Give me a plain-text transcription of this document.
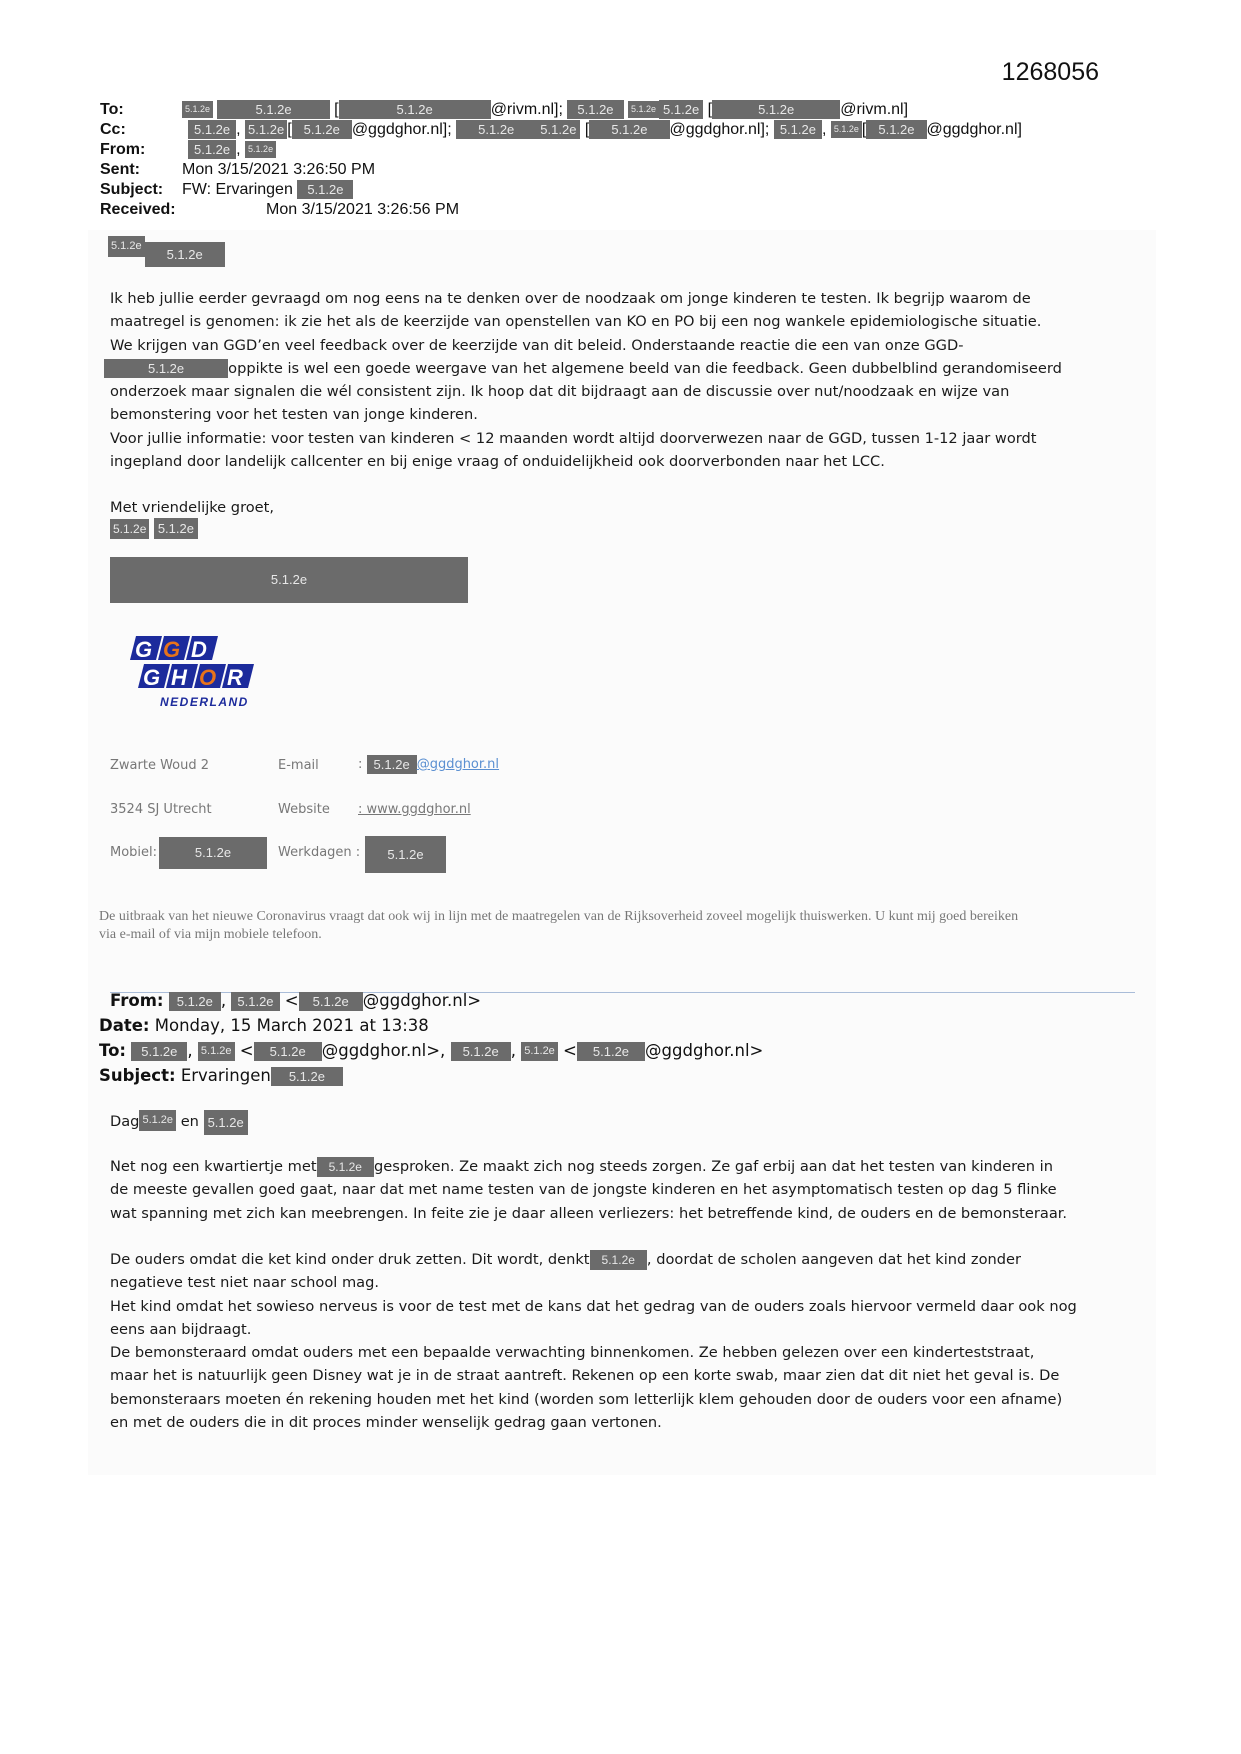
1268056
To:	5.1.2e	5.1.2e [	5.1.2e	@rivm.nl]; 5.1.2e 5.1.2e 5.1.2e [	5.1.2e	@rivm.nl]
Cc:	5.1.2e , 5.1.2e [ 5.1.2e @ggdghor.nl]; 5.1.2e 5.1.2e [ 5.1.2e @ggdghor.nl]; 5.1.2e , 5.1.2e [ 5.1.2e @ggdghor.nl]
From:	5.1.2e , 5.1.2e
Sent:	Mon 3/15/2021 3:26:50 PM
Subject: FW: Ervaringen 5.1.2e
Received:	Mon 3/15/2021 3:26:56 PM
5.1.2e5.1.2e
Ik heb jullie eerder gevraagd om nog eens na te denken over de noodzaak om jonge kinderen te testen. Ik begrijp waarom de
maatregel is genomen: ik zie het als de keerzijde van openstellen van KO en PO bij een nog wankele epidemiologische situatie.
We krijgen van GGD’en veel feedback over de keerzijde van dit beleid. Onderstaande reactie die een van onze GGD-
5.1.2e	oppikte is wel een goede weergave van het algemene beeld van die feedback. Geen dubbelblind gerandomiseerd
onderzoek maar signalen die wél consistent zijn. Ik hoop dat dit bijdraagt aan de discussie over nut/noodzaak en wijze van
bemonstering voor het testen van jonge kinderen.
Voor jullie informatie: voor testen van kinderen < 12 maanden wordt altijd doorverwezen naar de GGD, tussen 1-12 jaar wordt
ingepland door landelijk callcenter en bij enige vraag of onduidelijkheid ook doorverbonden naar het LCC.
Met vriendelijke groet,
5.1.2e 5.1.2e
5.1.2e
G G D
G H O R
NEDERLAND
Zwarte Woud 2	E-mail	: 5.1.2e @ggdghor.nl
3524 SJ Utrecht	Website : www.ggdghor.nl
Mobiel:	5.1.2e	Werkdagen :	5.1.2e
De uitbraak van het nieuwe Coronavirus vraagt dat ook wij in lijn met de maatregelen van de Rijksoverheid zoveel mogelijk thuiswerken. U kunt mij goed bereiken
via e-mail of via mijn mobiele telefoon.
From: 5.1.2e , 5.1.2e < 5.1.2e @ggdghor.nl>
Date: Monday, 15 March 2021 at 13:38
To: 5.1.2e , 5.1.2e < 5.1.2e @ggdghor.nl>, 5.1.2e , 5.1.2e < 5.1.2e @ggdghor.nl>
Subject: Ervaringen 5.1.2e
Dag 5.1.2e en 5.1.2e
Net nog een kwartiertje met 5.1.2e gesproken. Ze maakt zich nog steeds zorgen. Ze gaf erbij aan dat het testen van kinderen in
de meeste gevallen goed gaat, naar dat met name testen van de jongste kinderen en het asymptomatisch testen op dag 5 flinke
wat spanning met zich kan meebrengen. In feite zie je daar alleen verliezers: het betreffende kind, de ouders en de bemonsteraar.
De ouders omdat die ket kind onder druk zetten. Dit wordt, denkt 5.1.2e , doordat de scholen aangeven dat het kind zonder
negatieve test niet naar school mag.
Het kind omdat het sowieso nerveus is voor de test met de kans dat het gedrag van de ouders zoals hiervoor vermeld daar ook nog
eens aan bijdraagt.
De bemonsteraard omdat ouders met een bepaalde verwachting binnenkomen. Ze hebben gelezen over een kinderteststraat,
maar het is natuurlijk geen Disney wat je in de straat aantreft. Rekenen op een korte swab, maar zien dat dit niet het geval is. De
bemonsteraars moeten én rekening houden met het kind (worden som letterlijk klem gehouden door de ouders voor een afname)
en met de ouders die in dit proces minder wenselijk gedrag gaan vertonen.
